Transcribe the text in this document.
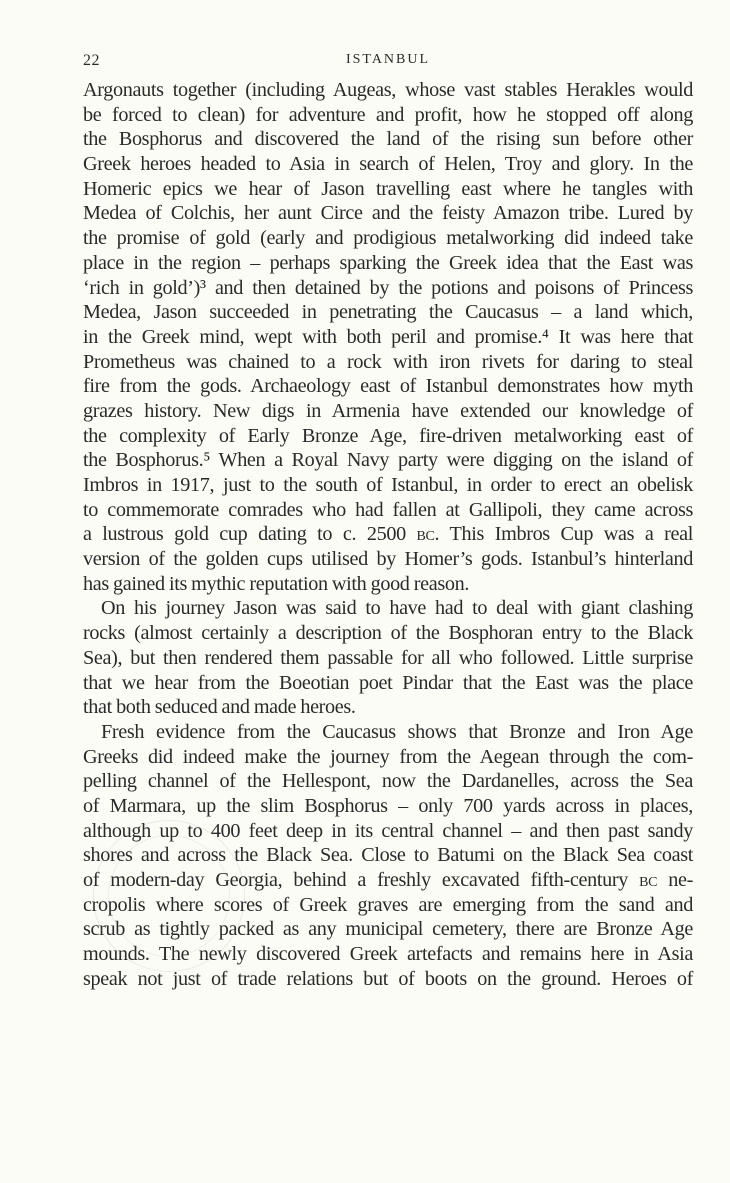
22	ISTANBUL
Argonauts together (including Augeas, whose vast stables Herakles would
be forced to clean) for adventure and profit, how he stopped off along
the Bosphorus and discovered the land of the rising sun before other
Greek heroes headed to Asia in search of Helen, Troy and glory. In the
Homeric epics we hear of Jason travelling east where he tangles with
Medea of Colchis, her aunt Circe and the feisty Amazon tribe. Lured by
the promise of gold (early and prodigious metalworking did indeed take
place in the region – perhaps sparking the Greek idea that the East was
‘rich in gold’)³ and then detained by the potions and poisons of Princess
Medea, Jason succeeded in penetrating the Caucasus – a land which,
in the Greek mind, wept with both peril and promise.⁴ It was here that
Prometheus was chained to a rock with iron rivets for daring to steal
fire from the gods. Archaeology east of Istanbul demonstrates how myth
grazes history. New digs in Armenia have extended our knowledge of
the complexity of Early Bronze Age, fire-driven metalworking east of
the Bosphorus.⁵ When a Royal Navy party were digging on the island of
Imbros in 1917, just to the south of Istanbul, in order to erect an obelisk
to commemorate comrades who had fallen at Gallipoli, they came across
a lustrous gold cup dating to c. 2500 bc. This Imbros Cup was a real
version of the golden cups utilised by Homer’s gods. Istanbul’s hinterland
has gained its mythic reputation with good reason.
On his journey Jason was said to have had to deal with giant clashing
rocks (almost certainly a description of the Bosphoran entry to the Black
Sea), but then rendered them passable for all who followed. Little surprise
that we hear from the Boeotian poet Pindar that the East was the place
that both seduced and made heroes.
Fresh evidence from the Caucasus shows that Bronze and Iron Age
Greeks did indeed make the journey from the Aegean through the com-
pelling channel of the Hellespont, now the Dardanelles, across the Sea
of Marmara, up the slim Bosphorus – only 700 yards across in places,
although up to 400 feet deep in its central channel – and then past sandy
shores and across the Black Sea. Close to Batumi on the Black Sea coast
of modern-day Georgia, behind a freshly excavated fifth-century bc ne-
cropolis where scores of Greek graves are emerging from the sand and
scrub as tightly packed as any municipal cemetery, there are Bronze Age
mounds. The newly discovered Greek artefacts and remains here in Asia
speak not just of trade relations but of boots on the ground. Heroes of
